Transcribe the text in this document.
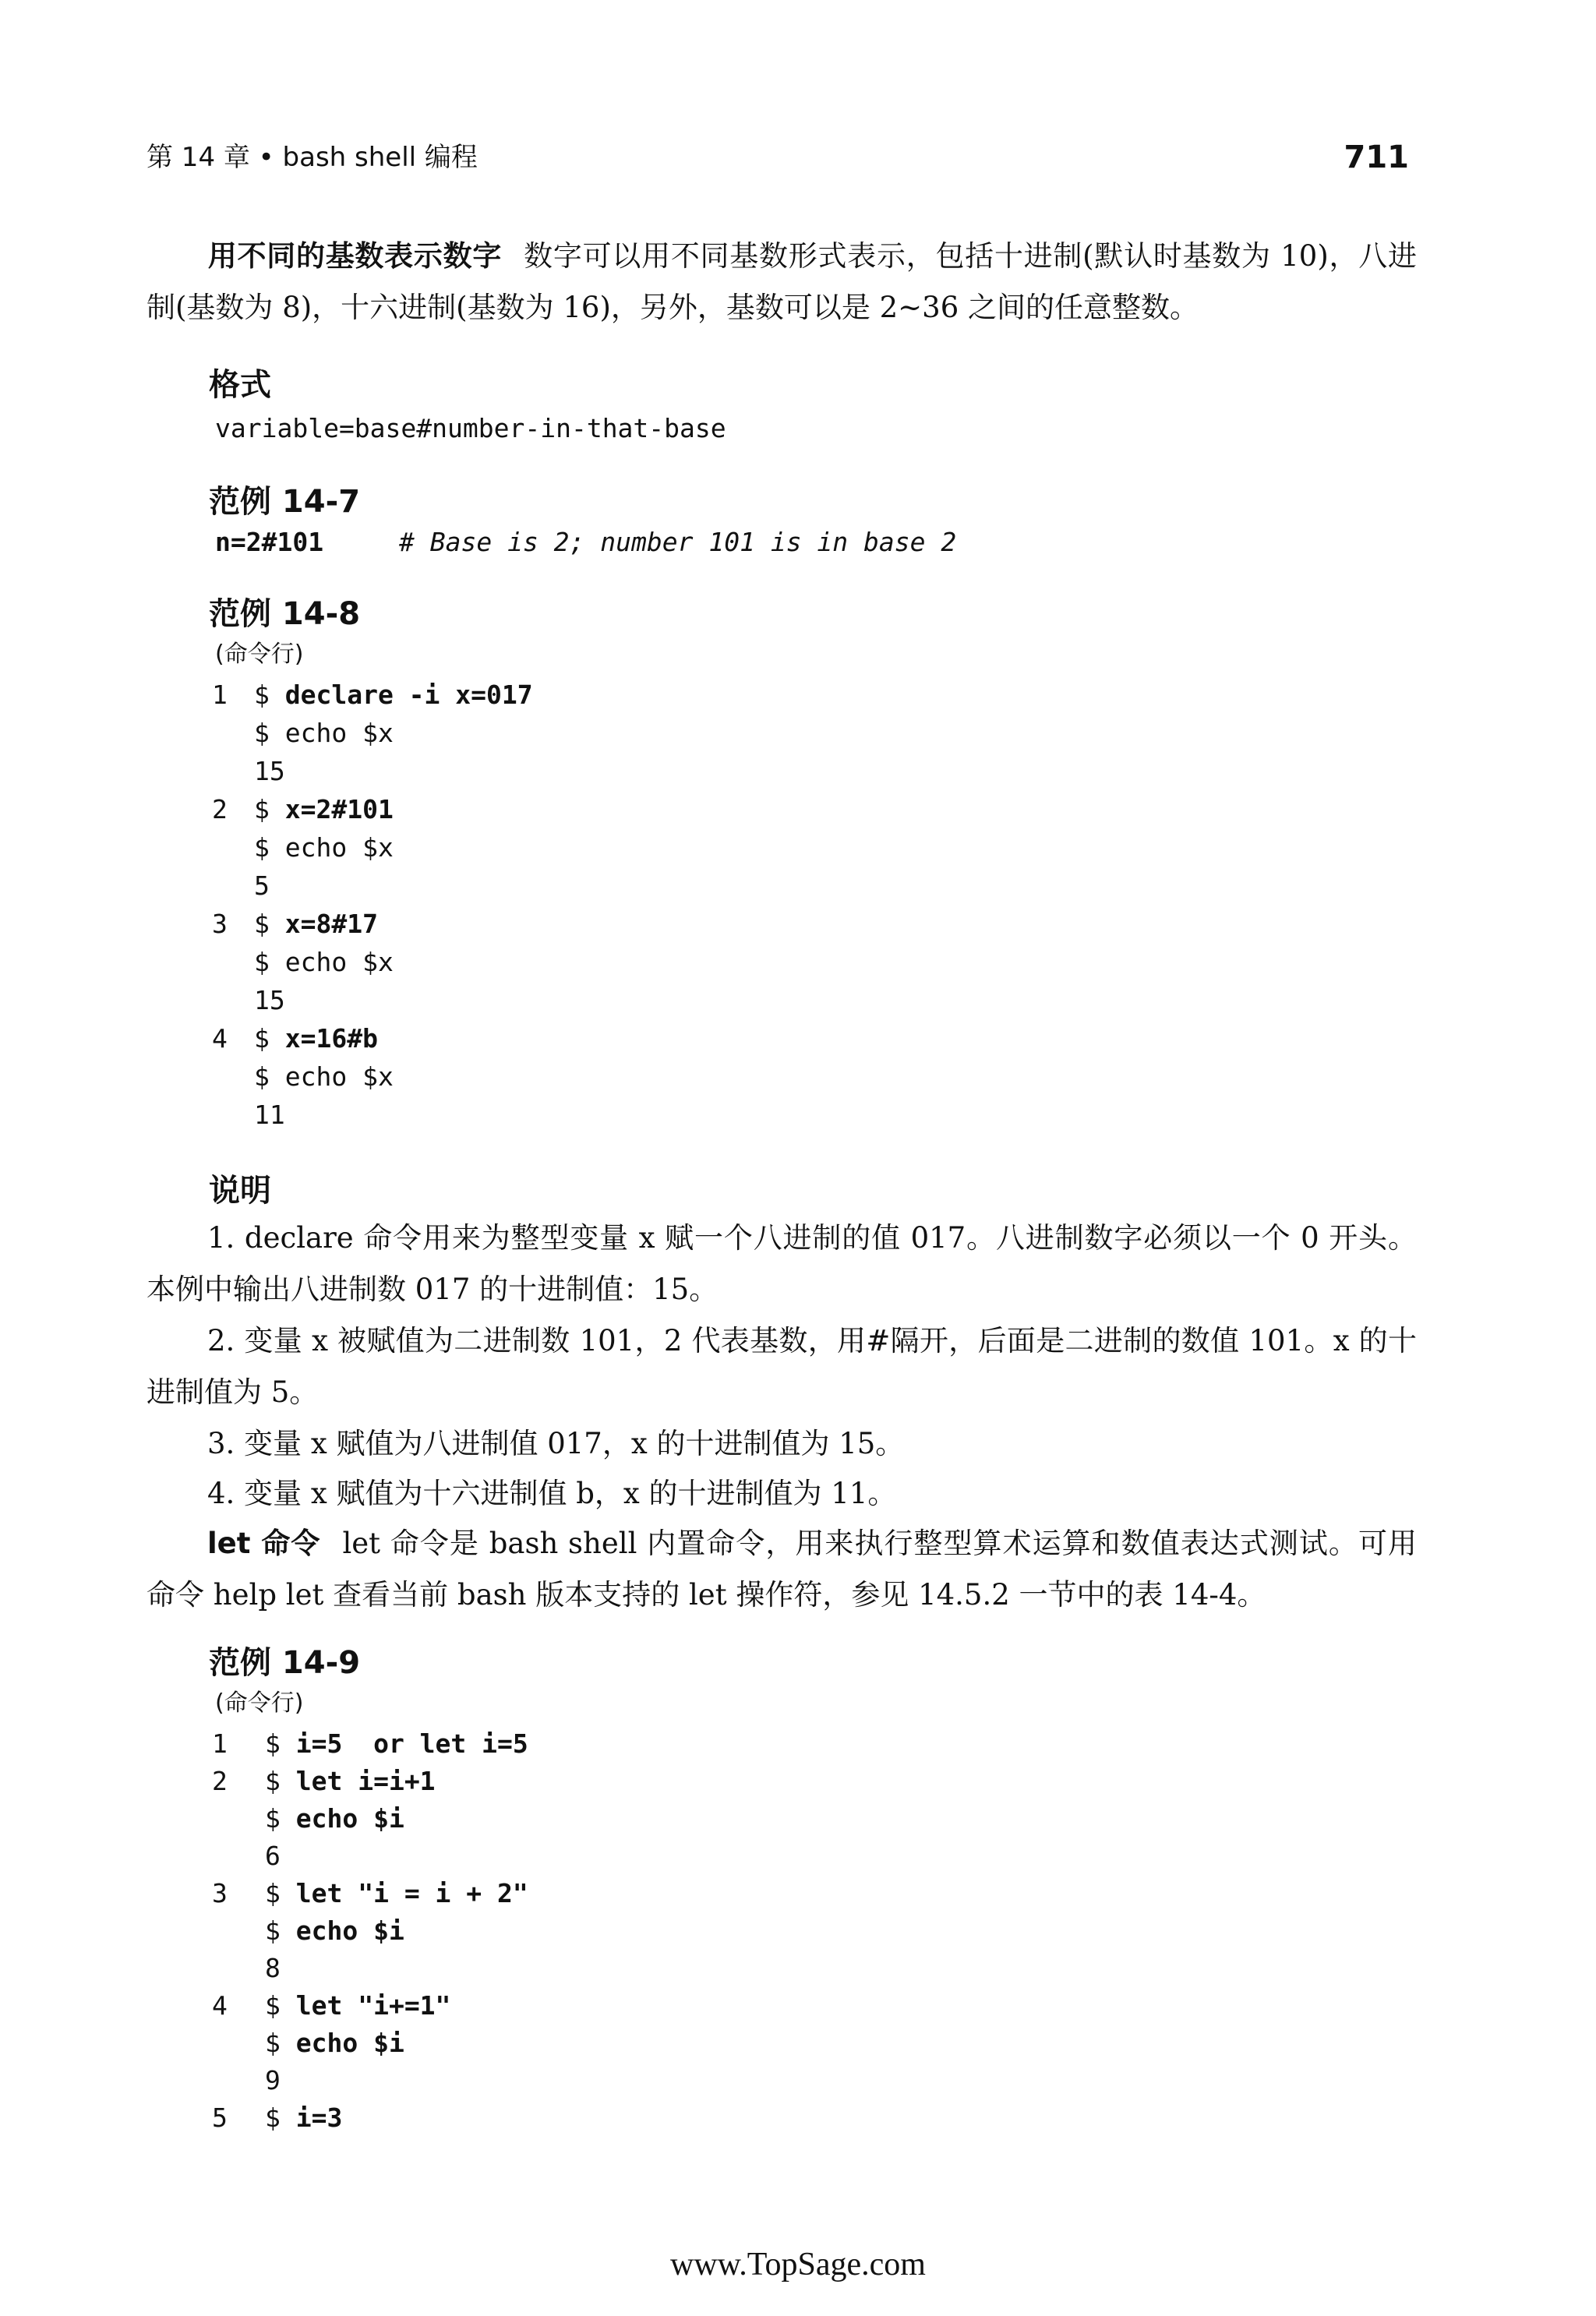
第 14 章 • bash shell 编程	711
用不同的基数表示数字 数字可以用不同基数形式表示，包括十进制(默认时基数为 10)，八进制(基数为 8)，十六进制(基数为 16)，另外，基数可以是 2~36 之间的任意整数。
格式
variable=base#number-in-that-base
范例 14-7
n=2#101	# Base is 2; number 101 is in base 2
范例 14-8
(命令行)
1 $ declare -i x=017
$ echo $x
15
2 $ x=2#101
$ echo $x
5
3 $ x=8#17
$ echo $x
15
4 $ x=16#b
$ echo $x
11
说明
1. declare 命令用来为整型变量 x 赋一个八进制的值 017。八进制数字必须以一个 0 开头。本例中输出八进制数 017 的十进制值：15。
2. 变量 x 被赋值为二进制数 101，2 代表基数，用#隔开，后面是二进制的数值 101。x 的十进制值为 5。
3. 变量 x 赋值为八进制值 017，x 的十进制值为 15。
4. 变量 x 赋值为十六进制值 b，x 的十进制值为 11。
let 命令 let 命令是 bash shell 内置命令，用来执行整型算术运算和数值表达式测试。可用命令 help let 查看当前 bash 版本支持的 let 操作符，参见 14.5.2 一节中的表 14-4。
范例 14-9
(命令行)
1 $ i=5  or let i=5
2 $ let i=i+1
$ echo $i
6
3 $ let "i = i + 2"
$ echo $i
8
4 $ let "i+=1"
$ echo $i
9
5 $ i=3
www.TopSage.com
